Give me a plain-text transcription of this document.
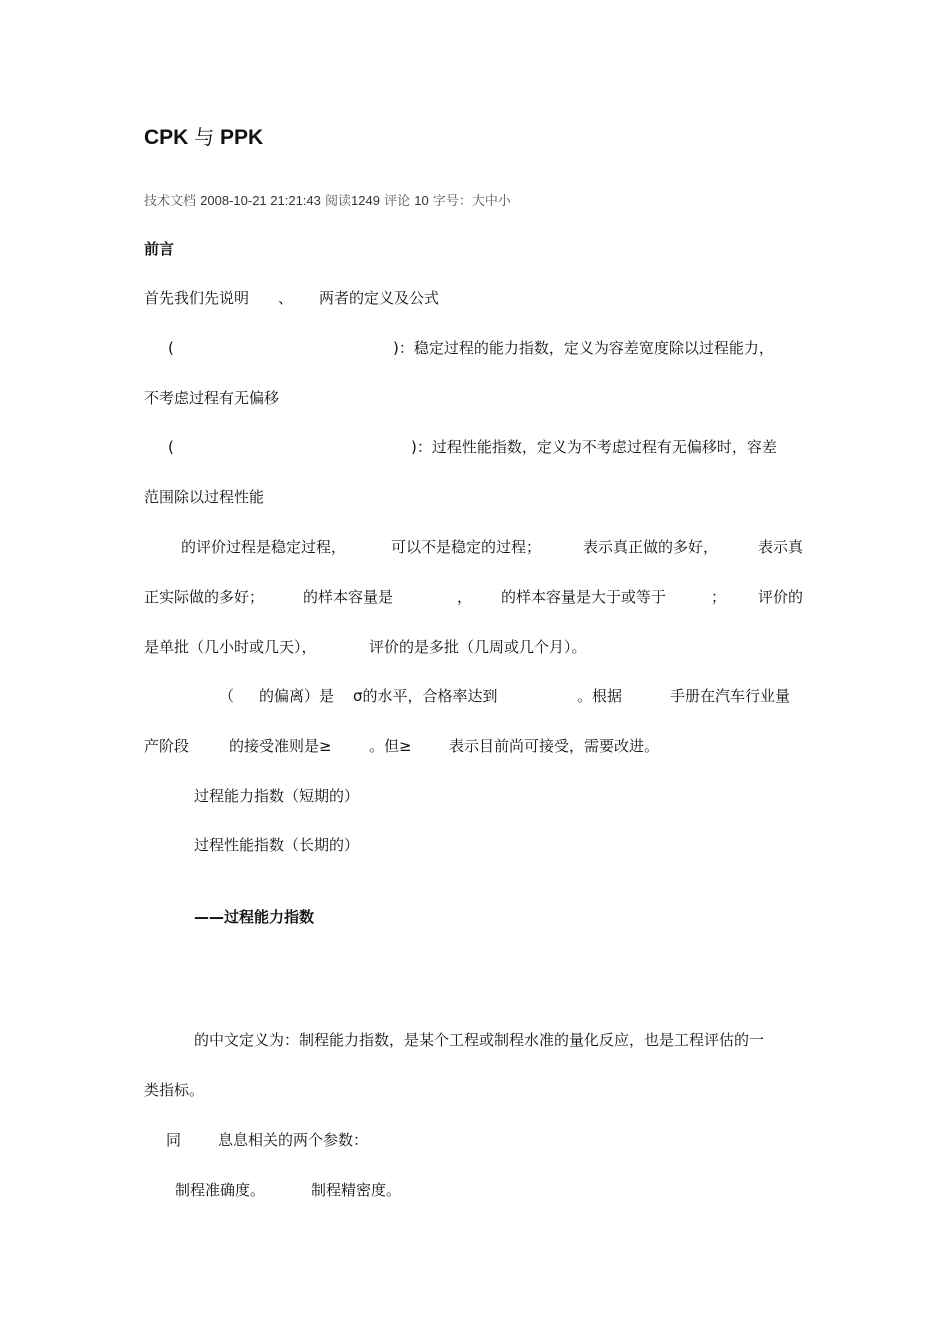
CPK 与 PPK
技术文档 2008-10-21 21:21:43 阅读1249 评论 10 字号：大中小
前言
首先我们先说明 、 两者的定义及公式
(	)：稳定过程的能力指数，定义为容差宽度除以过程能力，
不考虑过程有无偏移
(	)：过程性能指数，定义为不考虑过程有无偏移时，容差
范围除以过程性能
的评价过程是稳定过程，	可以不是稳定的过程；	表示真正做的多好，	表示真
正实际做的多好；	的样本容量是	， 的样本容量是大于或等于	； 评价的
是单批（几小时或几天），	评价的是多批（几周或几个月）。
（ 的偏离）是 σ的水平，合格率达到	。根据	手册在汽车行业量
产阶段	的接受准则是≥ 。但≥ 表示目前尚可接受，需要改进。
过程能力指数（短期的）
过程性能指数（长期的）
——过程能力指数
的中文定义为：制程能力指数，是某个工程或制程水准的量化反应，也是工程评估的一
类指标。
同 息息相关的两个参数：
制程准确度。	制程精密度。
